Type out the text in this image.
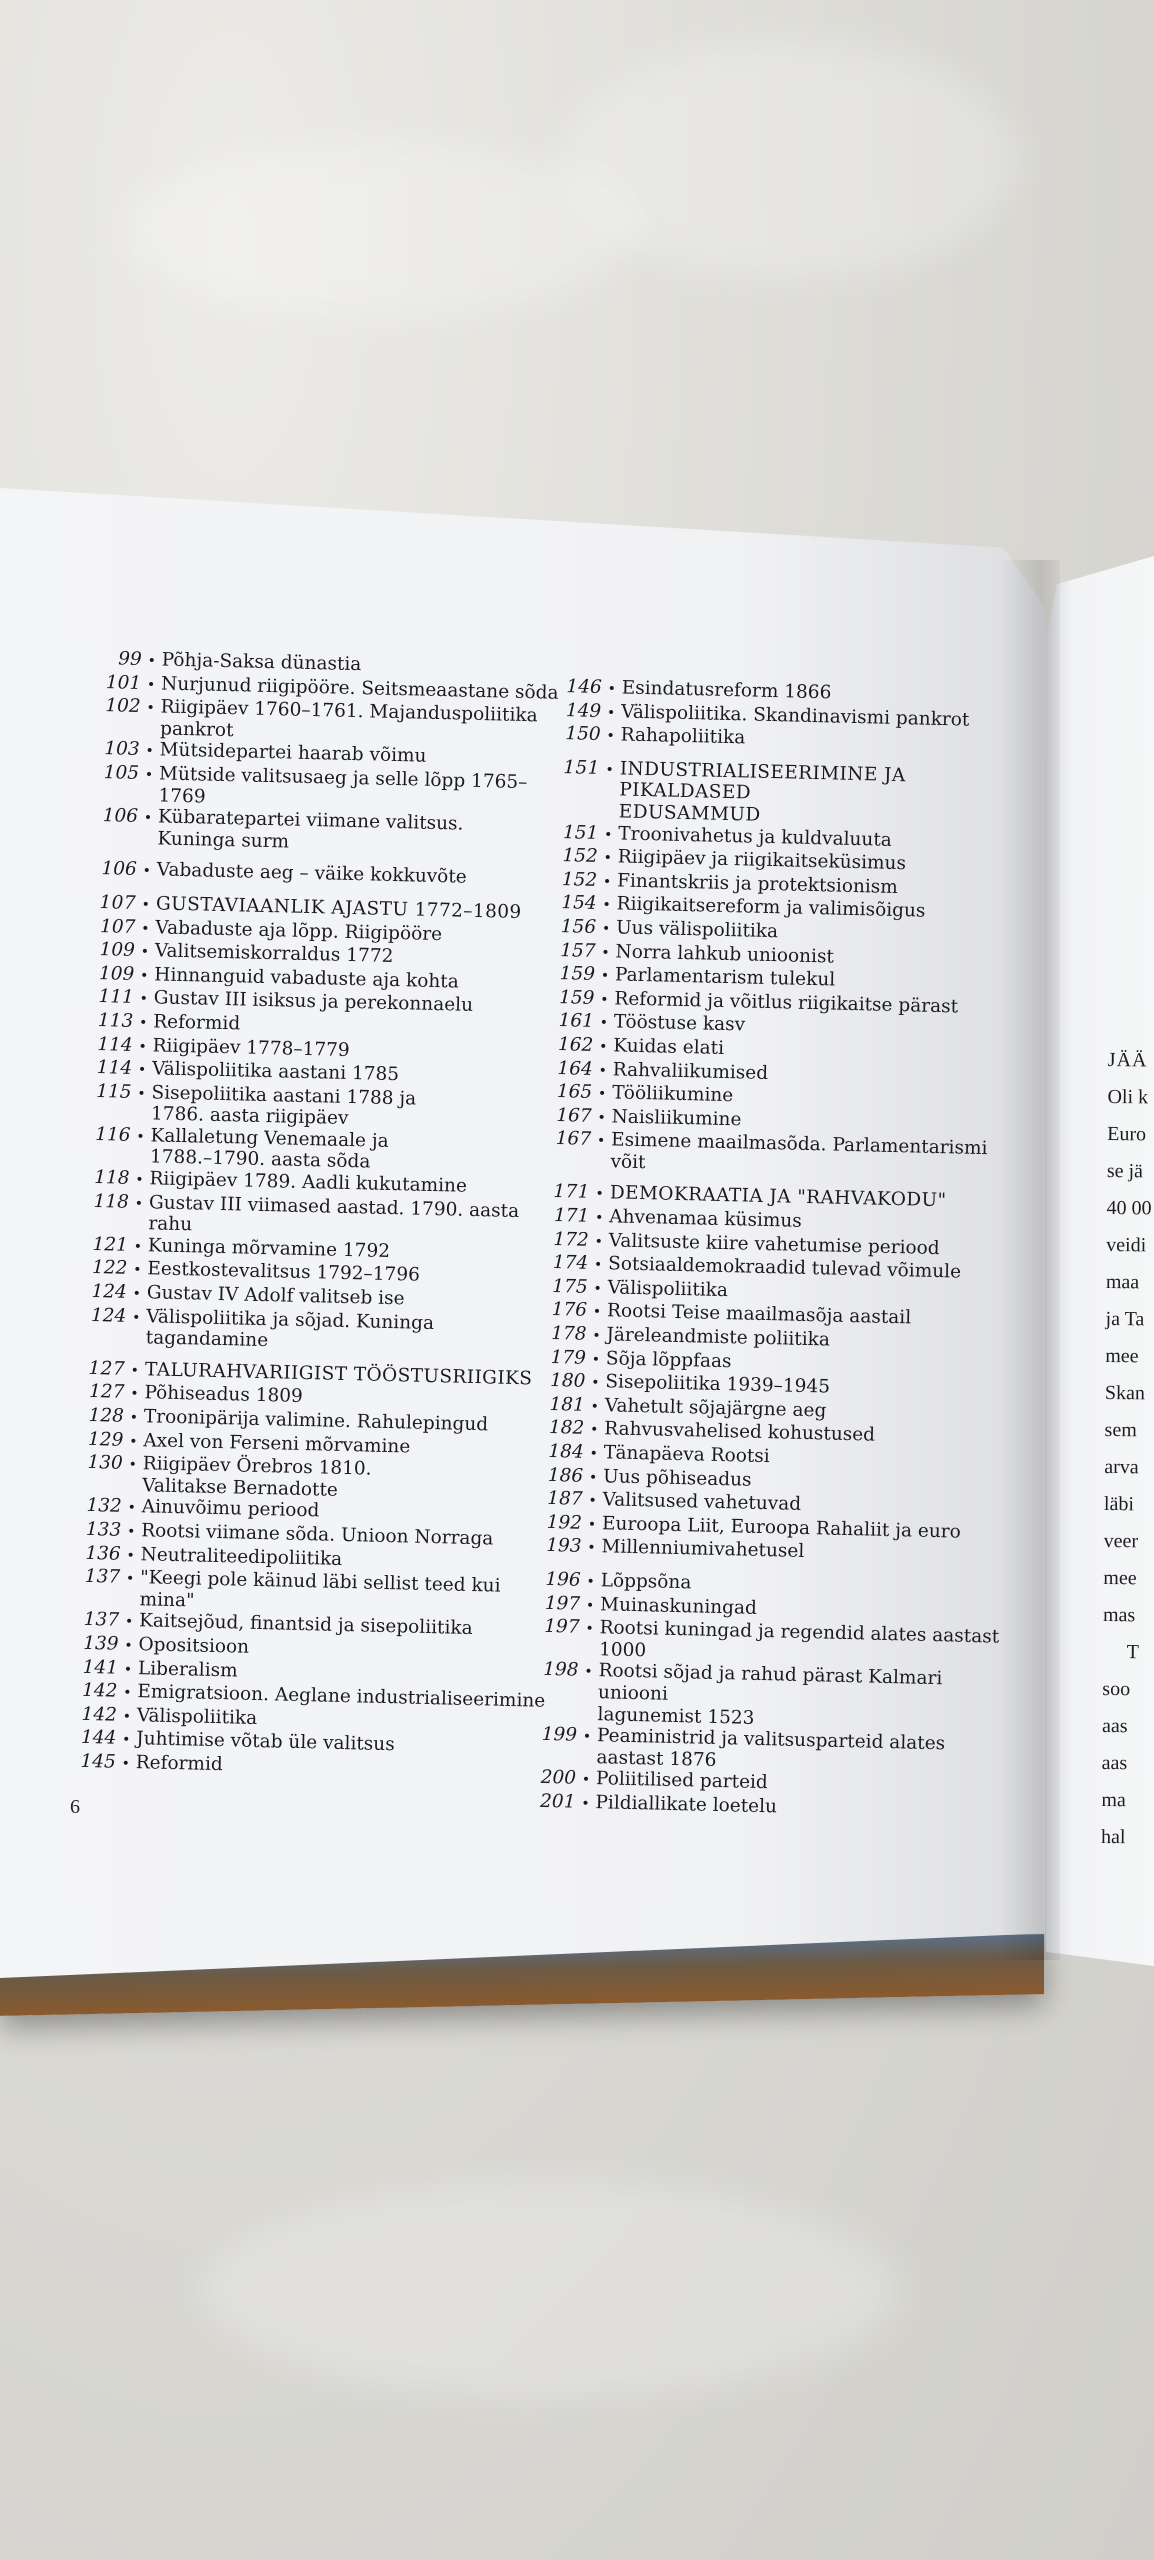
99 • Põhja-Saksa dünastia
101 • Nurjunud riigipööre. Seitsmeaastane sõda
102 • Riigipäev 1760–1761. Majanduspoliitika
pankrot
103 • Mütsidepartei haarab võimu
105 • Mütside valitsusaeg ja selle lõpp 1765–1769
106 • Kübaratepartei viimane valitsus.
Kuninga surm
106 • Vabaduste aeg – väike kokkuvõte
107 • GUSTAVIAANLIK AJASTU 1772–1809
107 • Vabaduste aja lõpp. Riigipööre
109 • Valitsemiskorraldus 1772
109 • Hinnanguid vabaduste aja kohta
111 • Gustav III isiksus ja perekonnaelu
113 • Reformid
114 • Riigipäev 1778–1779
114 • Välispoliitika aastani 1785
115 • Sisepoliitika aastani 1788 ja
1786. aasta riigipäev
116 • Kallaletung Venemaale ja
1788.–1790. aasta sõda
118 • Riigipäev 1789. Aadli kukutamine
118 • Gustav III viimased aastad. 1790. aasta rahu
121 • Kuninga mõrvamine 1792
122 • Eestkostevalitsus 1792–1796
124 • Gustav IV Adolf valitseb ise
124 • Välispoliitika ja sõjad. Kuninga tagandamine
127 • TALURAHVARIIGIST TÖÖSTUSRIIGIKS
127 • Põhiseadus 1809
128 • Troonipärija valimine. Rahulepingud
129 • Axel von Ferseni mõrvamine
130 • Riigipäev Örebros 1810.
Valitakse Bernadotte
132 • Ainuvõimu periood
133 • Rootsi viimane sõda. Unioon Norraga
136 • Neutraliteedipoliitika
137 • "Keegi pole käinud läbi sellist teed kui mina"
137 • Kaitsejõud, finantsid ja sisepoliitika
139 • Opositsioon
141 • Liberalism
142 • Emigratsioon. Aeglane industrialiseerimine
142 • Välispoliitika
144 • Juhtimise võtab üle valitsus
145 • Reformid
146 • Esindatusreform 1866
149 • Välispoliitika. Skandinavismi pankrot
150 • Rahapoliitika
151 • INDUSTRIALISEERIMINE JA PIKALDASED
EDUSAMMUD
151 • Troonivahetus ja kuldvaluuta
152 • Riigipäev ja riigikaitseküsimus
152 • Finantskriis ja protektsionism
154 • Riigikaitsereform ja valimisõigus
156 • Uus välispoliitika
157 • Norra lahkub unioonist
159 • Parlamentarism tulekul
159 • Reformid ja võitlus riigikaitse pärast
161 • Tööstuse kasv
162 • Kuidas elati
164 • Rahvaliikumised
165 • Tööliikumine
167 • Naisliikumine
167 • Esimene maailmasõda. Parlamentarismi võit
171 • DEMOKRAATIA JA "RAHVAKODU"
171 • Ahvenamaa küsimus
172 • Valitsuste kiire vahetumise periood
174 • Sotsiaaldemokraadid tulevad võimule
175 • Välispoliitika
176 • Rootsi Teise maailmasõja aastail
178 • Järeleandmiste poliitika
179 • Sõja lõppfaas
180 • Sisepoliitika 1939–1945
181 • Vahetult sõjajärgne aeg
182 • Rahvusvahelised kohustused
184 • Tänapäeva Rootsi
186 • Uus põhiseadus
187 • Valitsused vahetuvad
192 • Euroopa Liit, Euroopa Rahaliit ja euro
193 • Millenniumivahetusel
196 • Lõppsõna
197 • Muinaskuningad
197 • Rootsi kuningad ja regendid alates aastast 1000
198 • Rootsi sõjad ja rahud pärast Kalmari uniooni
lagunemist 1523
199 • Peaministrid ja valitsusparteid alates aastast 1876
200 • Poliitilised parteid
201 • Pildiallikate loetelu
6
JÄÄ
Oli k
Euro
se jä
40 00
veidi
maa
ja Ta
mee
Skan
sem
arva
läbi
veer
mee
mas
T
soo
aas
aas
ma
hal
